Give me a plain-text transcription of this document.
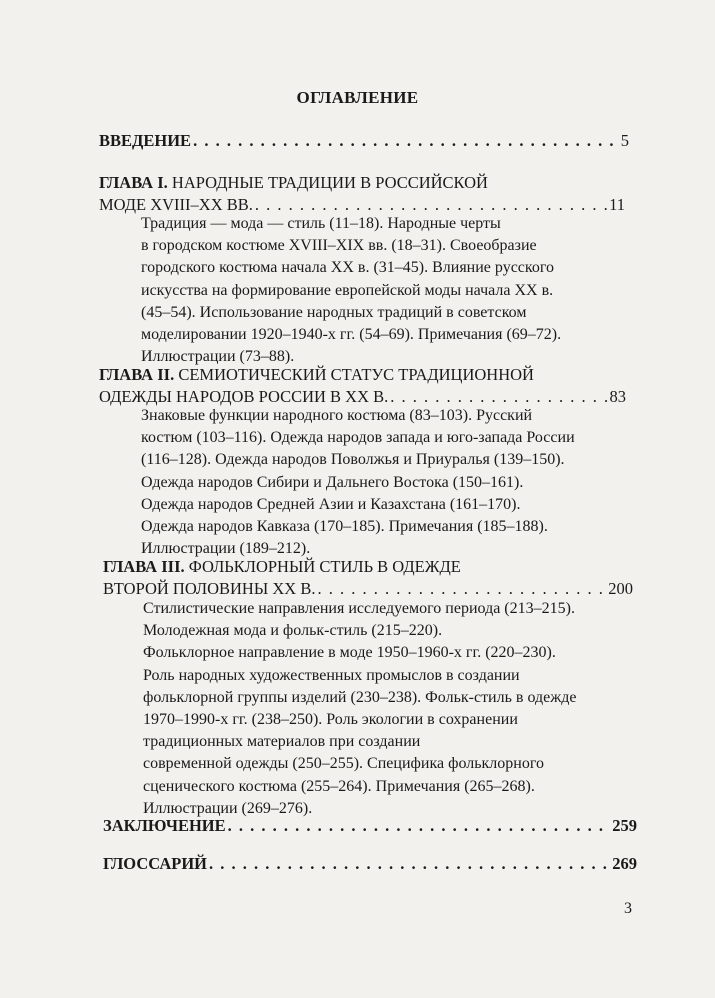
ОГЛАВЛЕНИЕ
ВВЕДЕНИЕ . . .	5
ГЛАВА I. НАРОДНЫЕ ТРАДИЦИИ В РОССИЙСКОЙ
МОДЕ XVIII–XX ВВ. . . .	11
Традиция — мода — стиль (11–18). Народные черты
в городском костюме XVIII–XIX вв. (18–31). Своеобразие
городского костюма начала XX в. (31–45). Влияние русского
искусства на формирование европейской моды начала XX в.
(45–54). Использование народных традиций в советском
моделировании 1920–1940-х гг. (54–69). Примечания (69–72).
Иллюстрации (73–88).
ГЛАВА II. СЕМИОТИЧЕСКИЙ СТАТУС ТРАДИЦИОННОЙ
ОДЕЖДЫ НАРОДОВ РОССИИ В XX В. . . .	83
Знаковые функции народного костюма (83–103). Русский
костюм (103–116). Одежда народов запада и юго-запада России
(116–128). Одежда народов Поволжья и Приуралья (139–150).
Одежда народов Сибири и Дальнего Востока (150–161).
Одежда народов Средней Азии и Казахстана (161–170).
Одежда народов Кавказа (170–185). Примечания (185–188).
Иллюстрации (189–212).
ГЛАВА III. ФОЛЬКЛОРНЫЙ СТИЛЬ В ОДЕЖДЕ
ВТОРОЙ ПОЛОВИНЫ XX В. . . .	200
Стилистические направления исследуемого периода (213–215).
Молодежная мода и фольк-стиль (215–220).
Фольклорное направление в моде 1950–1960-х гг. (220–230).
Роль народных художественных промыслов в создании
фольклорной группы изделий (230–238). Фольк-стиль в одежде
1970–1990-х гг. (238–250). Роль экологии в сохранении
традиционных материалов при создании
современной одежды (250–255). Специфика фольклорного
сценического костюма (255–264). Примечания (265–268).
Иллюстрации (269–276).
ЗАКЛЮЧЕНИЕ . . .	259
ГЛОССАРИЙ . . .	269
3
